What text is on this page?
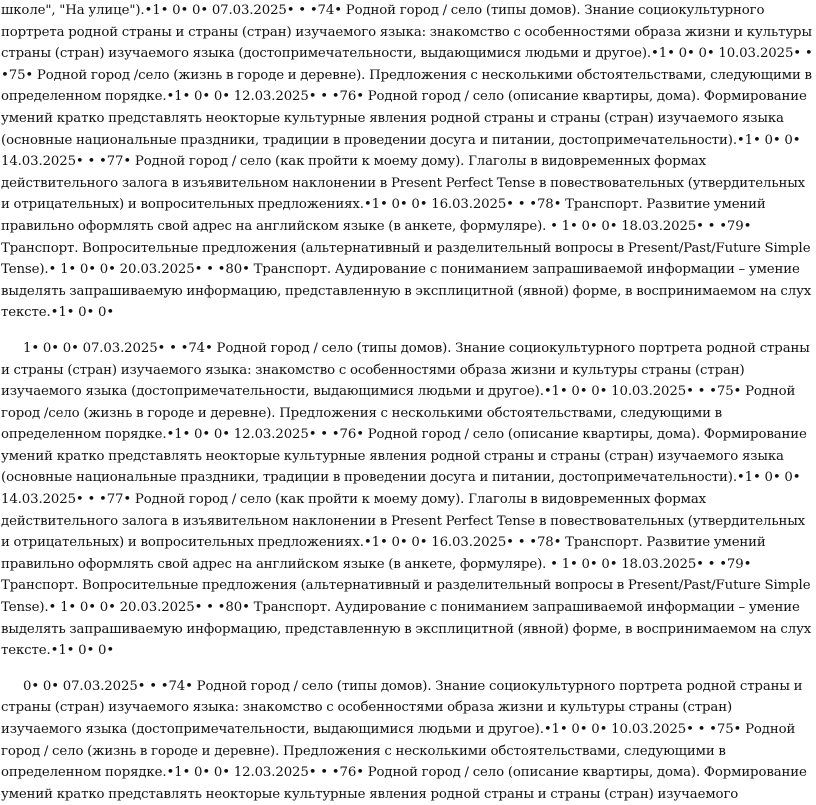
школе", "На улице").•1• 0• 0• 07.03.2025• • •74• Родной город / село (типы домов). Знание социокультурного портрета родной страны и страны (стран) изучаемого языка: знакомство с особенностями образа жизни и культуры страны (стран) изучаемого языка (достопримечательности, выдающимися людьми и другое).•1• 0• 0• 10.03.2025• • •75• Родной город /село (жизнь в городе и деревне). Предложения с несколькими обстоятельствами, следующими в определенном порядке.•1• 0• 0• 12.03.2025• • •76• Родной город / село (описание квартиры, дома). Формирование умений кратко представлять неокторые культурные явления родной страны и страны (стран) изучаемого языка (основные национальные праздники, традиции в проведении досуга и питании, достопримечательности).•1• 0• 0• 14.03.2025• • •77• Родной город / село (как пройти к моему дому). Глаголы в видовременных формах действительного залога в изъявительном наклонении в Present Perfect Tense в повествовательных (утвердительных и отрицательных) и вопросительных предложениях.•1• 0• 0• 16.03.2025• • •78• Транспорт. Развитие умений правильно оформлять свой адрес на английском языке (в анкете, формуляре). • 1• 0• 0• 18.03.2025• • •79• Транспорт. Вопросительные предложения (альтернативный и разделительный вопросы в Present/Past/Future Simple Tense).• 1• 0• 0• 20.03.2025• • •80• Транспорт. Аудирование с пониманием запрашиваемой информации – умение выделять запрашиваемую информацию, представленную в эксплицитной (явной) форме, в воспринимаемом на слух тексте.•1• 0• 0•

1• 0• 0• 07.03.2025• • •74• Родной город / село (типы домов). Знание социокультурного портрета родной страны и страны (стран) изучаемого языка: знакомство с особенностями образа жизни и культуры страны (стран) изучаемого языка (достопримечательности, выдающимися людьми и другое).•1• 0• 0• 10.03.2025• • •75• Родной город /село (жизнь в городе и деревне). Предложения с несколькими обстоятельствами, следующими в определенном порядке.•1• 0• 0• 12.03.2025• • •76• Родной город / село (описание квартиры, дома). Формирование умений кратко представлять неокторые культурные явления родной страны и страны (стран) изучаемого языка (основные национальные праздники, традиции в проведении досуга и питании, достопримечательности).•1• 0• 0• 14.03.2025• • •77• Родной город / село (как пройти к моему дому). Глаголы в видовременных формах действительного залога в изъявительном наклонении в Present Perfect Tense в повествовательных (утвердительных и отрицательных) и вопросительных предложениях.•1• 0• 0• 16.03.2025• • •78• Транспорт. Развитие умений правильно оформлять свой адрес на английском языке (в анкете, формуляре). • 1• 0• 0• 18.03.2025• • •79• Транспорт. Вопросительные предложения (альтернативный и разделительный вопросы в Present/Past/Future Simple Tense).• 1• 0• 0• 20.03.2025• • •80• Транспорт. Аудирование с пониманием запрашиваемой информации – умение выделять запрашиваемую информацию, представленную в эксплицитной (явной) форме, в воспринимаемом на слух тексте.•1• 0• 0•

0• 0• 07.03.2025• • •74• Родной город / село (типы домов). Знание социокультурного портрета родной страны и страны (стран) изучаемого языка: знакомство с особенностями образа жизни и культуры страны (стран) изучаемого языка (достопримечательности, выдающимися людьми и другое).•1• 0• 0• 10.03.2025• • •75• Родной город / село (жизнь в городе и деревне). Предложения с несколькими обстоятельствами, следующими в определенном порядке.•1• 0• 0• 12.03.2025• • •76• Родной город / село (описание квартиры, дома). Формирование умений кратко представлять неокторые культурные явления родной страны и страны (стран) изучаемого
